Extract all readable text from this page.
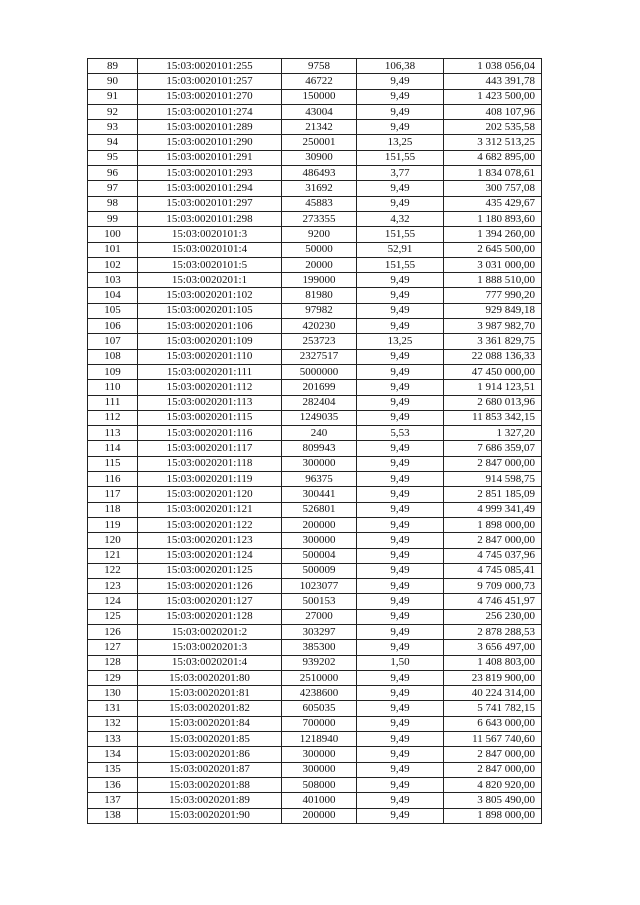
89	15:03:0020101:255	9758	106,38	1 038 056,04
90	15:03:0020101:257	46722	9,49	443 391,78
91	15:03:0020101:270	150000	9,49	1 423 500,00
92	15:03:0020101:274	43004	9,49	408 107,96
93	15:03:0020101:289	21342	9,49	202 535,58
94	15:03:0020101:290	250001	13,25	3 312 513,25
95	15:03:0020101:291	30900	151,55	4 682 895,00
96	15:03:0020101:293	486493	3,77	1 834 078,61
97	15:03:0020101:294	31692	9,49	300 757,08
98	15:03:0020101:297	45883	9,49	435 429,67
99	15:03:0020101:298	273355	4,32	1 180 893,60
100	15:03:0020101:3	9200	151,55	1 394 260,00
101	15:03:0020101:4	50000	52,91	2 645 500,00
102	15:03:0020101:5	20000	151,55	3 031 000,00
103	15:03:0020201:1	199000	9,49	1 888 510,00
104	15:03:0020201:102	81980	9,49	777 990,20
105	15:03:0020201:105	97982	9,49	929 849,18
106	15:03:0020201:106	420230	9,49	3 987 982,70
107	15:03:0020201:109	253723	13,25	3 361 829,75
108	15:03:0020201:110	2327517	9,49	22 088 136,33
109	15:03:0020201:111	5000000	9,49	47 450 000,00
110	15:03:0020201:112	201699	9,49	1 914 123,51
111	15:03:0020201:113	282404	9,49	2 680 013,96
112	15:03:0020201:115	1249035	9,49	11 853 342,15
113	15:03:0020201:116	240	5,53	1 327,20
114	15:03:0020201:117	809943	9,49	7 686 359,07
115	15:03:0020201:118	300000	9,49	2 847 000,00
116	15:03:0020201:119	96375	9,49	914 598,75
117	15:03:0020201:120	300441	9,49	2 851 185,09
118	15:03:0020201:121	526801	9,49	4 999 341,49
119	15:03:0020201:122	200000	9,49	1 898 000,00
120	15:03:0020201:123	300000	9,49	2 847 000,00
121	15:03:0020201:124	500004	9,49	4 745 037,96
122	15:03:0020201:125	500009	9,49	4 745 085,41
123	15:03:0020201:126	1023077	9,49	9 709 000,73
124	15:03:0020201:127	500153	9,49	4 746 451,97
125	15:03:0020201:128	27000	9,49	256 230,00
126	15:03:0020201:2	303297	9,49	2 878 288,53
127	15:03:0020201:3	385300	9,49	3 656 497,00
128	15:03:0020201:4	939202	1,50	1 408 803,00
129	15:03:0020201:80	2510000	9,49	23 819 900,00
130	15:03:0020201:81	4238600	9,49	40 224 314,00
131	15:03:0020201:82	605035	9,49	5 741 782,15
132	15:03:0020201:84	700000	9,49	6 643 000,00
133	15:03:0020201:85	1218940	9,49	11 567 740,60
134	15:03:0020201:86	300000	9,49	2 847 000,00
135	15:03:0020201:87	300000	9,49	2 847 000,00
136	15:03:0020201:88	508000	9,49	4 820 920,00
137	15:03:0020201:89	401000	9,49	3 805 490,00
138	15:03:0020201:90	200000	9,49	1 898 000,00
